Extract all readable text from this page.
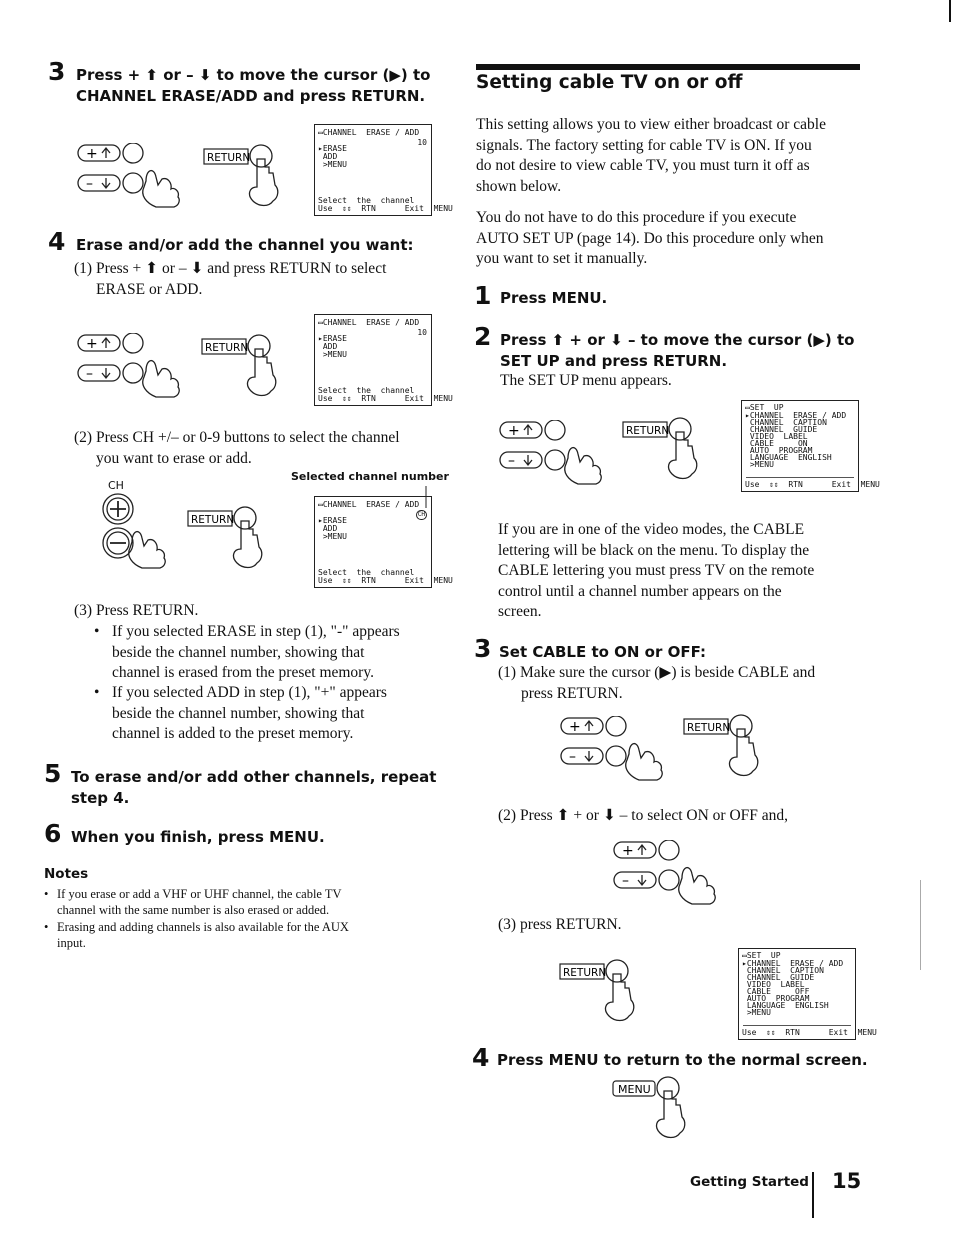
3 Press + ⬆ or – ⬇ to move the cursor (▶) to
CHANNEL ERASE/ADD and press RETURN.
+
–
RETURN
▭CHANNEL  ERASE / ADD
10
▸ERASE
ADD
>MENU
Select  the  channel
Use  ⇕⇕  RTN      Exit  MENU
4 Erase and/or add the channel you want:
(1) Press + ⬆ or – ⬇ and press RETURN to select
ERASE or ADD.
+
–
RETURN
▭CHANNEL  ERASE / ADD
10
▸ERASE
ADD
>MENU
Select  the  channel
Use  ⇕⇕  RTN      Exit  MENU
(2) Press CH +/– or 0-9 buttons to select the channel
you want to erase or add.
Selected channel number
CH
RETURN
▭CHANNEL  ERASE / ADD
CH
▸ERASE
ADD
>MENU
Select  the  channel
Use  ⇕⇕  RTN      Exit  MENU
(3) Press RETURN.
• If you selected ERASE in step (1), "-" appears
beside the channel number, showing that
channel is erased from the preset memory.
• If you selected ADD in step (1), "+" appears
beside the channel number, showing that
channel is added to the preset memory.
5 To erase and/or add other channels, repeat
step 4.
6 When you finish, press MENU.
Notes
• If you erase or add a VHF or UHF channel, the cable TV
channel with the same number is also erased or added.
• Erasing and adding channels is also available for the AUX
input.
Setting cable TV on or off
This setting allows you to view either broadcast or cable
signals. The factory setting for cable TV is ON. If you
do not desire to view cable TV, you must turn it off as
shown below.
You do not have to do this procedure if you execute
AUTO SET UP (page 14). Do this procedure only when
you want to set it manually.
1 Press MENU.
2 Press ⬆ + or ⬇ – to move the cursor (▶) to
SET UP and press RETURN.
The SET UP menu appears.
+
–
RETURN
▭SET  UP
▸CHANNEL  ERASE / ADD
CHANNEL  CAPTION
CHANNEL  GUIDE
VIDEO  LABEL
CABLE     ON
AUTO  PROGRAM
LANGUAGE  ENGLISH
>MENU
Use  ⇕⇕  RTN      Exit  MENU
If you are in one of the video modes, the CABLE
lettering will be black on the menu. To display the
CABLE lettering you must press TV on the remote
control until a channel number appears on the
screen.
3 Set CABLE to ON or OFF:
(1) Make sure the cursor (▶) is beside CABLE and
press RETURN.
+
–
RETURN
(2) Press ⬆ + or ⬇ – to select ON or OFF and,
+
–
(3) press RETURN.
RETURN
▭SET  UP
▸CHANNEL  ERASE / ADD
CHANNEL  CAPTION
CHANNEL  GUIDE
VIDEO  LABEL
CABLE     OFF
AUTO  PROGRAM
LANGUAGE  ENGLISH
>MENU
Use  ⇕⇕  RTN      Exit  MENU
4 Press MENU to return to the normal screen.
MENU
Getting Started 15
